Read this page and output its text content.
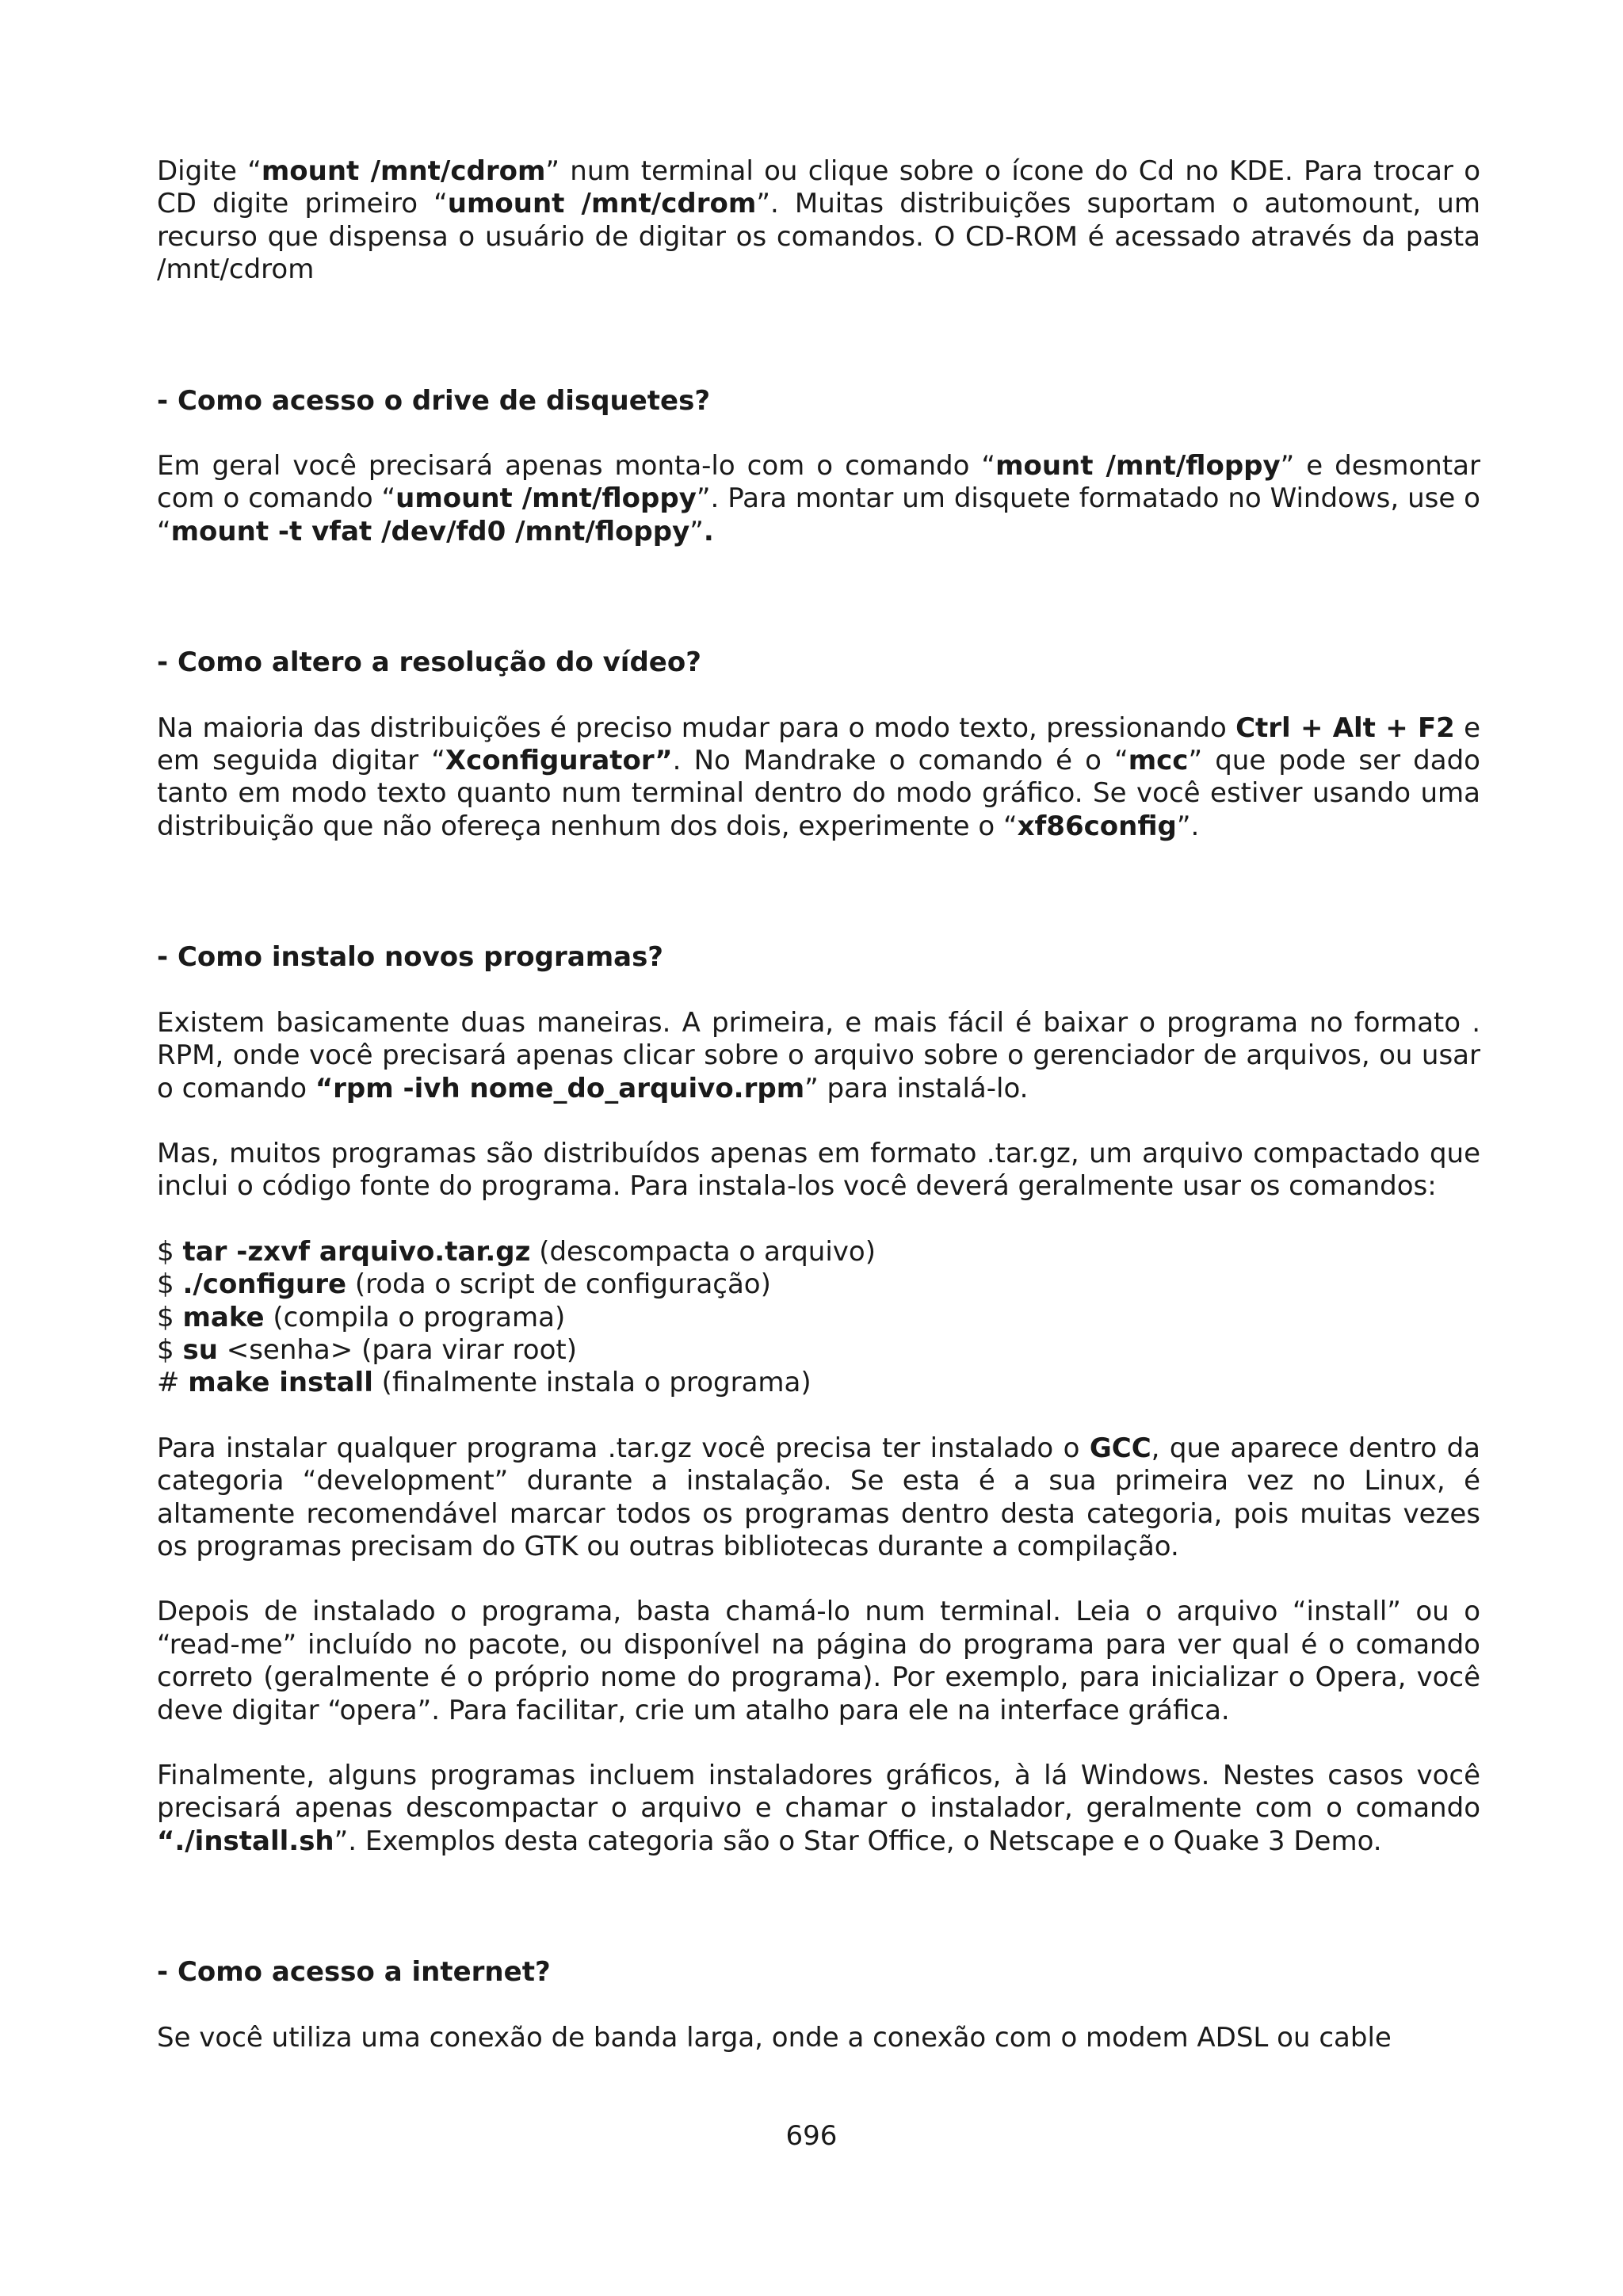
Digite “mount /mnt/cdrom” num terminal ou clique sobre o ícone do Cd no KDE. Para trocar o CD digite primeiro “umount /mnt/cdrom”. Muitas distribuições suportam o automount, um recurso que dispensa o usuário de digitar os comandos. O CD-ROM é acessado através da pasta /mnt/cdrom

- Como acesso o drive de disquetes?

Em geral você precisará apenas monta-lo com o comando “mount /mnt/floppy” e desmontar com o comando “umount /mnt/floppy”. Para montar um disquete formatado no Windows, use o “mount -t vfat /dev/fd0 /mnt/floppy”.

- Como altero a resolução do vídeo?

Na maioria das distribuições é preciso mudar para o modo texto, pressionando Ctrl + Alt + F2 e em seguida digitar “Xconfigurator”. No Mandrake o comando é o “mcc” que pode ser dado tanto em modo texto quanto num terminal dentro do modo gráfico. Se você estiver usando uma distribuição que não ofereça nenhum dos dois, experimente o “xf86config”.

- Como instalo novos programas?

Existem basicamente duas maneiras. A primeira, e mais fácil é baixar o programa no formato . RPM, onde você precisará apenas clicar sobre o arquivo sobre o gerenciador de arquivos, ou usar o comando “rpm -ivh nome_do_arquivo.rpm” para instalá-lo.

Mas, muitos programas são distribuídos apenas em formato .tar.gz, um arquivo compactado que inclui o código fonte do programa. Para instala-los você deverá geralmente usar os comandos:

$ tar -zxvf arquivo.tar.gz (descompacta o arquivo)

$ ./configure (roda o script de configuração)

$ make (compila o programa)

$ su <senha> (para virar root)

# make install (finalmente instala o programa)

Para instalar qualquer programa .tar.gz você precisa ter instalado o GCC, que aparece dentro da categoria “development” durante a instalação. Se esta é a sua primeira vez no Linux, é altamente recomendável marcar todos os programas dentro desta categoria, pois muitas vezes os programas precisam do GTK ou outras bibliotecas durante a compilação.

Depois de instalado o programa, basta chamá-lo num terminal. Leia o arquivo “install” ou o “read-me” incluído no pacote, ou disponível na página do programa para ver qual é o comando correto (geralmente é o próprio nome do programa). Por exemplo, para inicializar o Opera, você deve digitar “opera”. Para facilitar, crie um atalho para ele na interface gráfica.

Finalmente, alguns programas incluem instaladores gráficos, à lá Windows. Nestes casos você precisará apenas descompactar o arquivo e chamar o instalador, geralmente com o comando “./install.sh”. Exemplos desta categoria são o Star Office, o Netscape e o Quake 3 Demo.

- Como acesso a internet?

Se você utiliza uma conexão de banda larga, onde a conexão com o modem ADSL ou cable

696
